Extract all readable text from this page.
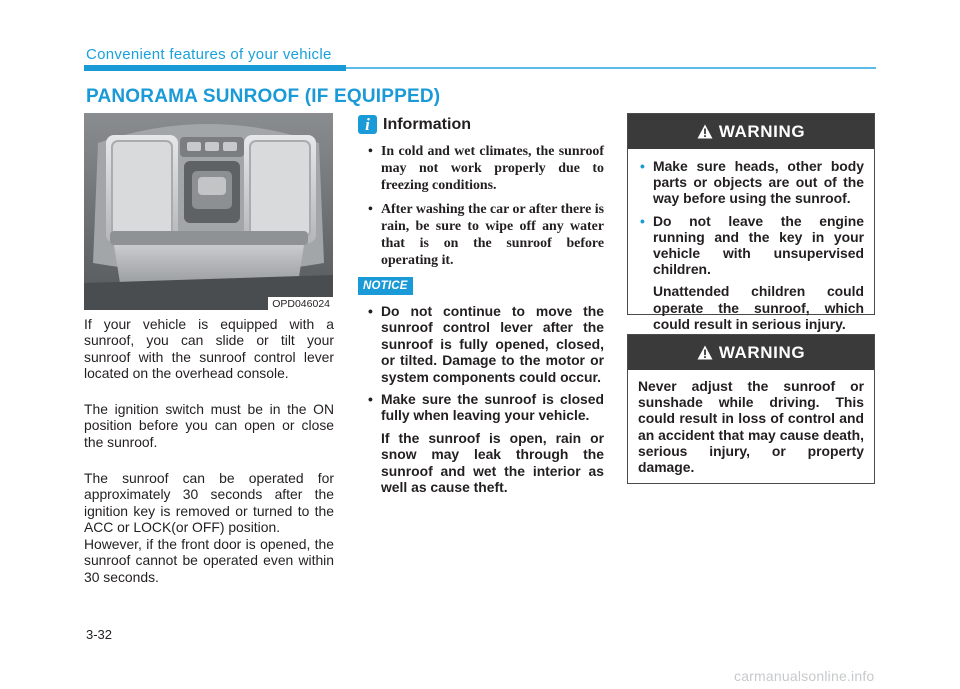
Convenient features of your vehicle
PANORAMA SUNROOF (IF EQUIPPED)
OPD046024

If your vehicle is equipped with a sunroof, you can slide or tilt your sunroof with the sunroof control lever located on the overhead console.

The ignition switch must be in the ON position before you can open or close the sunroof.

The sunroof can be operated for approximately 30 seconds after the ignition key is removed or turned to the ACC or LOCK(or OFF) position.

However, if the front door is opened, the sunroof cannot be operated even within 30 seconds.

i Information
• In cold and wet climates, the sunroof may not work properly due to freezing conditions.
• After washing the car or after there is rain, be sure to wipe off any water that is on the sunroof before operating it.
NOTICE
• Do not continue to move the sunroof control lever after the sunroof is fully opened, closed, or tilted. Damage to the motor or system components could occur.
• Make sure the sunroof is closed fully when leaving your vehicle.
If the sunroof is open, rain or snow may leak through the sunroof and wet the interior as well as cause theft.
WARNING
• Make sure heads, other body parts or objects are out of the way before using the sunroof.
• Do not leave the engine running and the key in your vehicle with unsupervised children.
Unattended children could operate the sunroof, which could result in serious injury.
WARNING

Never adjust the sunroof or sunshade while driving. This could result in loss of control and an accident that may cause death, serious injury, or property damage.

3-32
carmanualsonline.info
